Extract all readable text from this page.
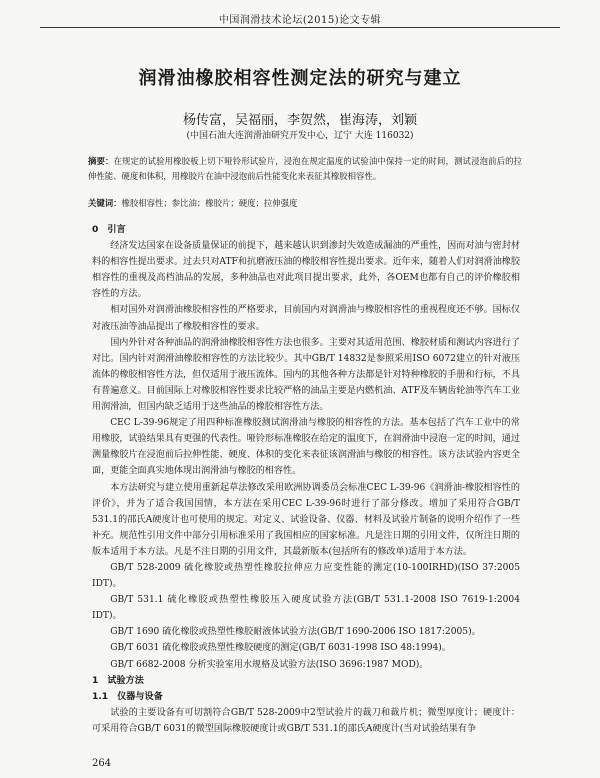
中国润滑技术论坛(2015)论文专辑
润滑油橡胶相容性测定法的研究与建立
杨传富，吴福丽，李贺然，崔海涛，刘颖
(中国石油大连润滑油研究开发中心，辽宁 大连 116032)
摘要：在规定的试验用橡胶板上切下哑铃形试验片，浸泡在规定温度的试验油中保持一定的时间，测试浸泡前后的拉伸性能、硬度和体积，用橡胶片在油中浸泡前后性能变化来表征其橡胶相容性。
关键词：橡胶相容性；参比油；橡胶片；硬度；拉伸强度
0　引言

经济发达国家在设备质量保证的前提下，越来越认识到渗封失效造成漏油的严重性，因而对油与密封材料的相容性提出要求。过去只对ATF和抗磨液压油的橡胶相容性提出要求。近年来，随着人们对润滑油橡胶相容性的重视及高档油品的发展，多种油品也对此项目提出要求，此外，各OEM也都有自己的评价橡胶相容性的方法。

相对国外对润滑油橡胶相容性的严格要求，目前国内对润滑油与橡胶相容性的重视程度还不够。国标仅对液压油等油品提出了橡胶相容性的要求。

国内外针对各种油品的润滑油橡胶相容性方法也很多。主要对其适用范围、橡胶材质和测试内容进行了对比。国内针对润滑油橡胶相容性的方法比较少。其中GB/T 14832是参照采用ISO 6072建立的针对液压流体的橡胶相容性方法，但仅适用于液压流体。国内的其他各种方法都是针对特种橡胶的手册和行标，不具有普遍意义。目前国际上对橡胶相容性要求比较严格的油品主要是内燃机油、ATF及车辆齿轮油等汽车工业用润滑油，但国内缺乏适用于这些油品的橡胶相容性方法。

CEC L-39-96规定了用四种标准橡胶测试润滑油与橡胶的相容性的方法。基本包括了汽车工业中的常用橡胶，试验结果具有更强的代表性。哑铃形标准橡胶在给定的温度下，在润滑油中浸泡一定的时间，通过测量橡胶片在浸泡前后拉伸性能、硬度、体积的变化来表征该润滑油与橡胶的相容性。该方法试验内容更全面，更能全面真实地体现出润滑油与橡胶的相容性。

本方法研究与建立使用重新起草法修改采用欧洲协调委员会标准CEC L-39-96《润滑油-橡胶相容性的评价》，并为了适合我国国情，本方法在采用CEC L-39-96时进行了部分修改。增加了采用符合GB/T 531.1的邵氏A硬度计也可使用的规定。对定义、试验设备、仪器、材料及试验片制备的说明介绍作了一些补充。规范性引用文件中部分引用标准采用了我国相应的国家标准。凡是注日期的引用文件，仅所注日期的版本适用于本方法。凡是不注日期的引用文件，其最新版本(包括所有的修改单)适用于本方法。

GB/T 528-2009 硫化橡胶或热塑性橡胶拉伸应力应变性能的测定(10-100IRHD)(ISO 37:2005 IDT)。

GB/T 531.1 硫化橡胶或热塑性橡胶压入硬度试验方法(GB/T 531.1-2008 ISO 7619-1:2004 IDT)。

GB/T 1690 硫化橡胶或热塑性橡胶耐液体试验方法(GB/T 1690-2006 ISO 1817:2005)。

GB/T 6031 硫化橡胶或热塑性橡胶硬度的测定(GB/T 6031-1998 ISO 48:1994)。

GB/T 6682-2008 分析实验室用水规格及试验方法(ISO 3696:1987 MOD)。

1　试验方法
1.1　仪器与设备

试验的主要设备有可切割符合GB/T 528-2009中2型试验片的裁刀和裁片机；微型厚度计；硬度计：可采用符合GB/T 6031的微型国际橡胶硬度计或GB/T 531.1的邵氏A硬度计(当对试验结果有争

264
